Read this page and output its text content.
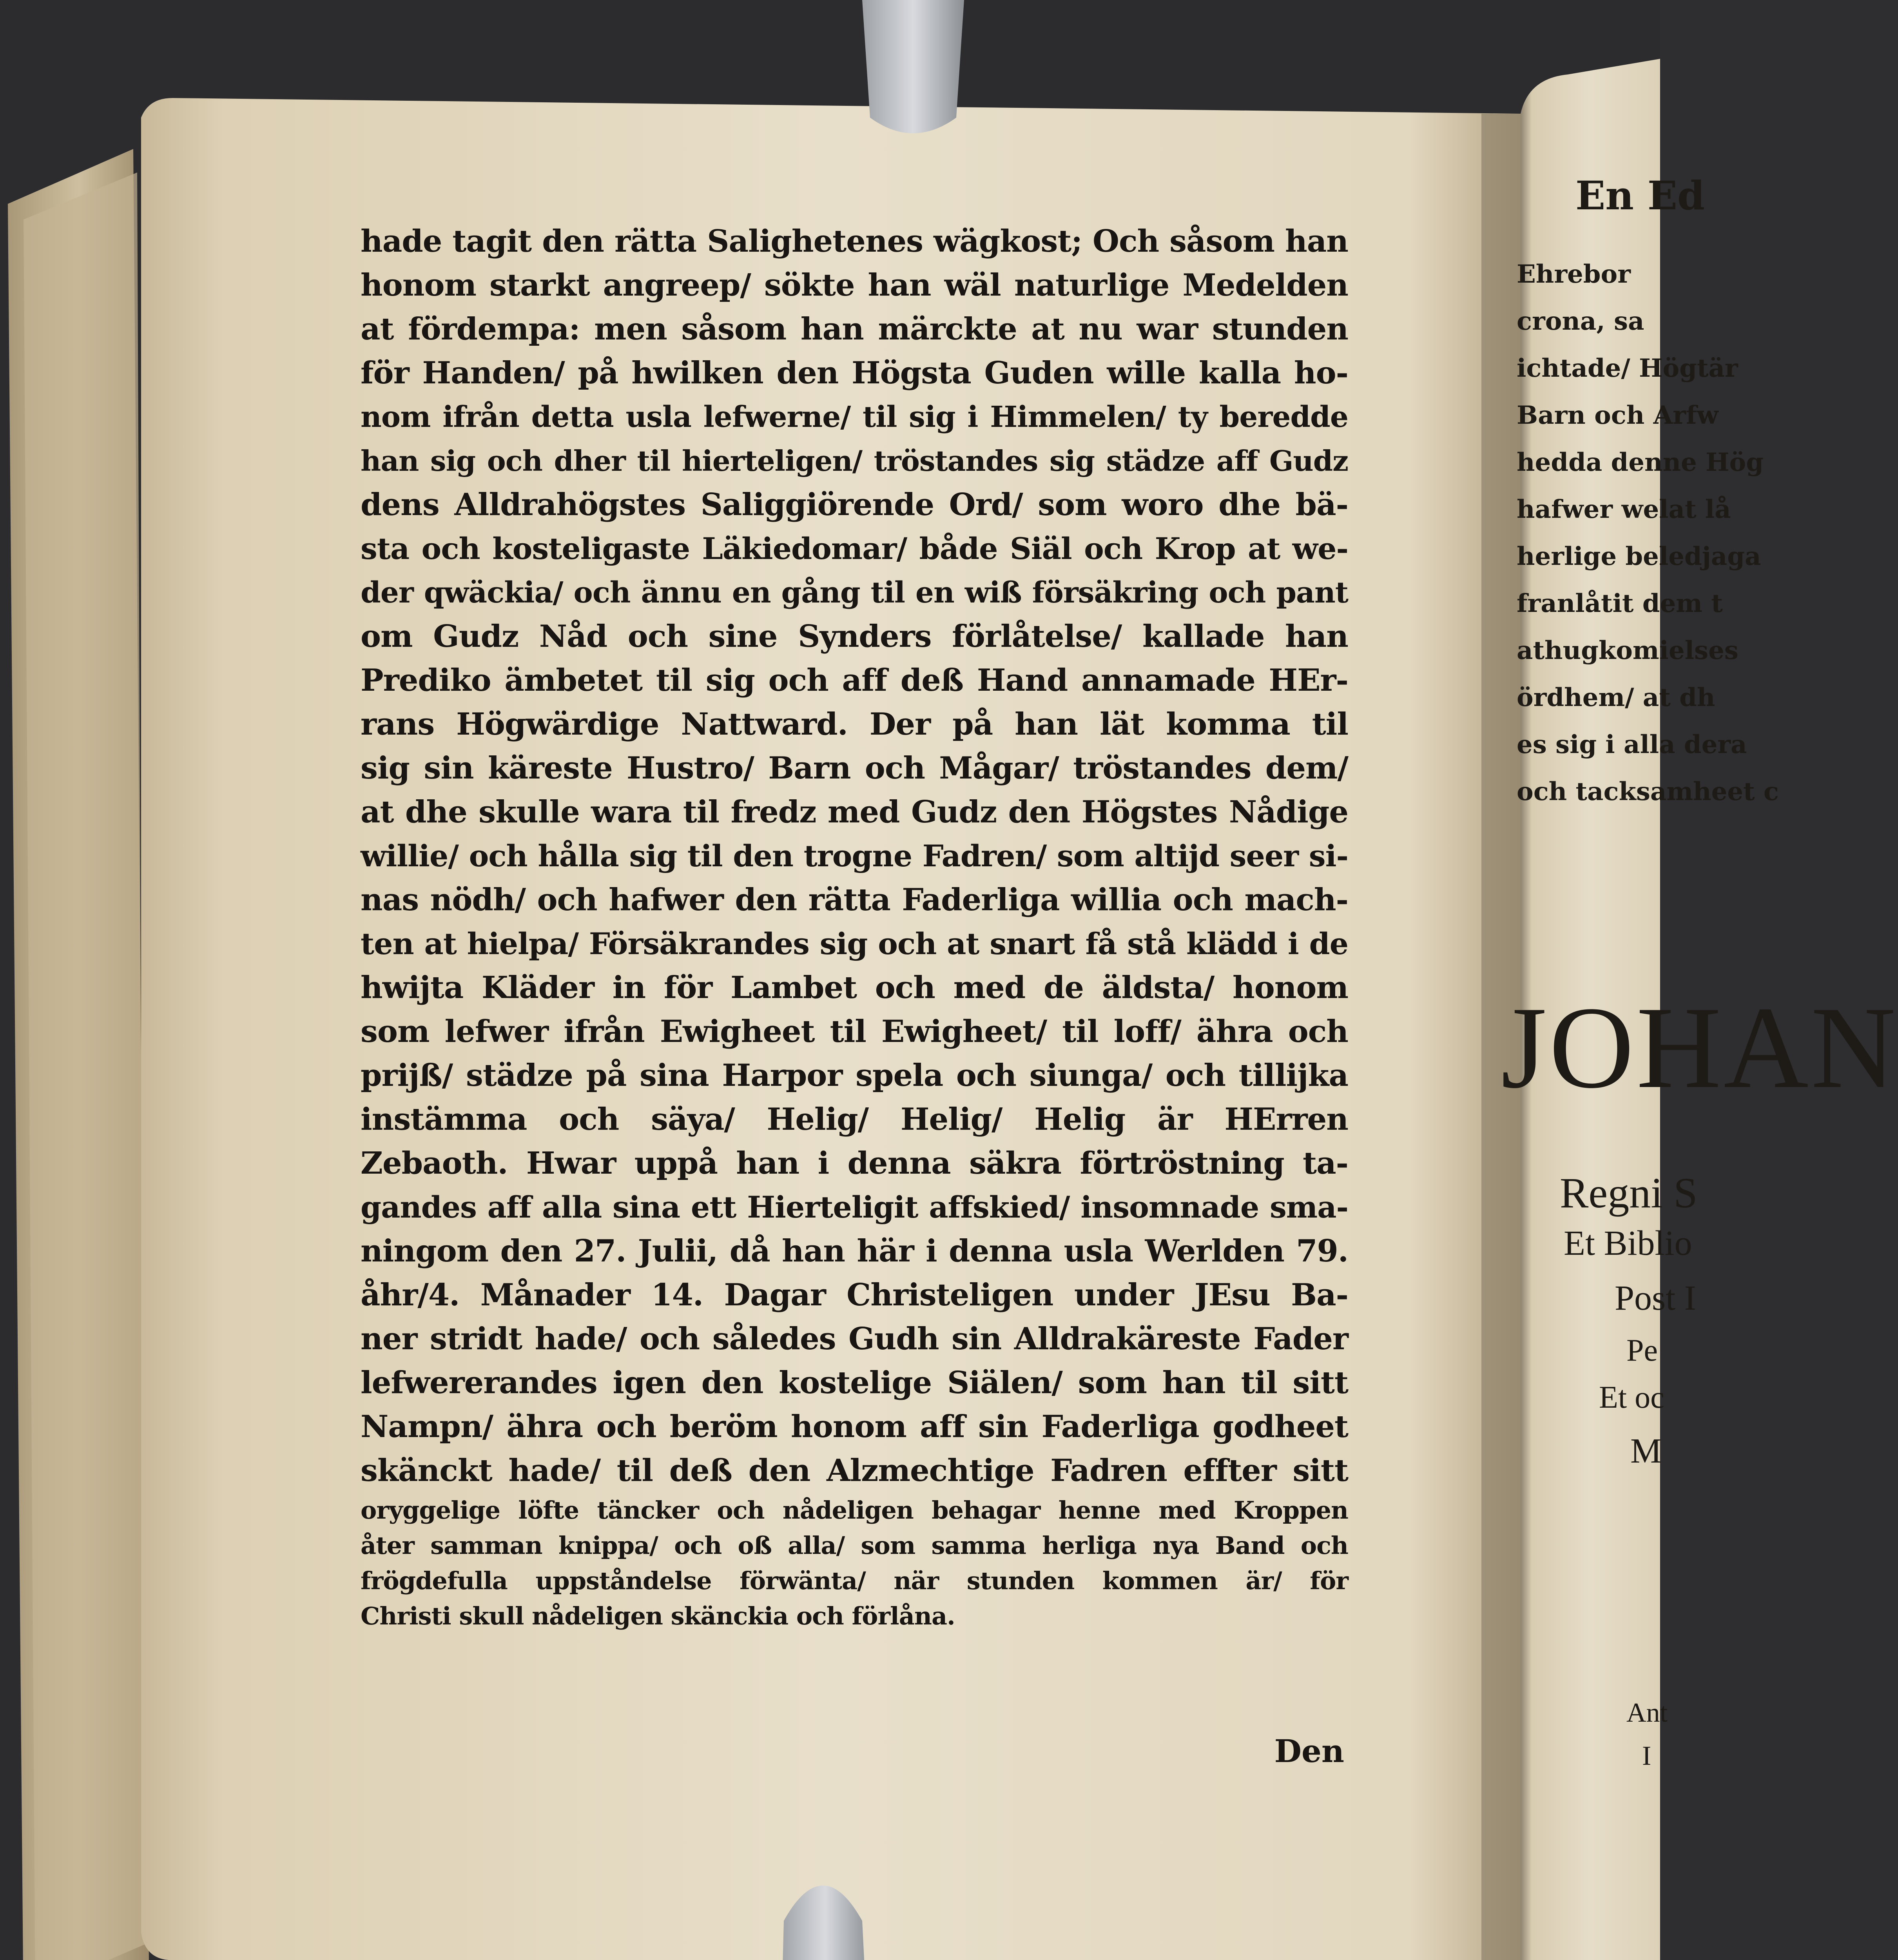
hade tagit den rätta Salighetenes wägkost; Och såsom han
honom starkt angreep/ sökte han wäl naturlige Medelden
at fördempa: men såsom han märckte at nu war stunden
för Handen/ på hwilken den Högsta Guden wille kalla ho-
nom ifrån detta usla lefwerne/ til sig i Himmelen/ ty beredde
han sig och dher til hierteligen/ tröstandes sig städze aff Gudz
dens Alldrahögstes Saliggiörende Ord/ som woro dhe bä-
sta och kosteligaste Läkiedomar/ både Siäl och Krop at we-
der qwäckia/ och ännu en gång til en wiß försäkring och pant
om Gudz Nåd och sine Synders förlåtelse/ kallade han
Prediko ämbetet til sig och aff deß Hand annamade HEr-
rans Högwärdige Nattward. Der på han lät komma til
sig sin käreste Hustro/ Barn och Mågar/ tröstandes dem/
at dhe skulle wara til fredz med Gudz den Högstes Nådige
willie/ och hålla sig til den trogne Fadren/ som altijd seer si-
nas nödh/ och hafwer den rätta Faderliga willia och mach-
ten at hielpa/ Försäkrandes sig och at snart få stå klädd i de
hwijta Kläder in för Lambet och med de äldsta/ honom
som lefwer ifrån Ewigheet til Ewigheet/ til loff/ ähra och
prijß/ städze på sina Harpor spela och siunga/ och tillijka
instämma och säya/ Helig/ Helig/ Helig är HErren
Zebaoth. Hwar uppå han i denna säkra förtröstning ta-
gandes aff alla sina ett Hierteligit affskied/ insomnade sma-
ningom den 27. Julii, då han här i denna usla Werlden 79.
åhr/4. Månader 14. Dagar Christeligen under JEsu Ba-
ner stridt hade/ och således Gudh sin Alldrakäreste Fader
lefwererandes igen den kostelige Siälen/ som han til sitt
Nampn/ ähra och beröm honom aff sin Faderliga godheet
skänckt hade/ til deß den Alzmechtige Fadren effter sitt
oryggelige löfte täncker och nådeligen behagar henne med Kroppen
åter samman knippa/ och oß alla/ som samma herliga nya Band och
frögdefulla uppståndelse förwänta/ när stunden kommen är/ för
Christi skull nådeligen skänckia och förlåna.
Den
En Ed
Ehrebor
crona, sa
ichtade/ Högtär
Barn och Arfw
hedda denne Hög
hafwer welat lå
herlige beledjaga
franlåtit dem t
athugkomielses
ördhem/ at dh
es sig i alla dera
och tacksamheet c
JOHAN
Regni S
Et Biblio
Post I
Pe
Et oc
M
Ant
I
